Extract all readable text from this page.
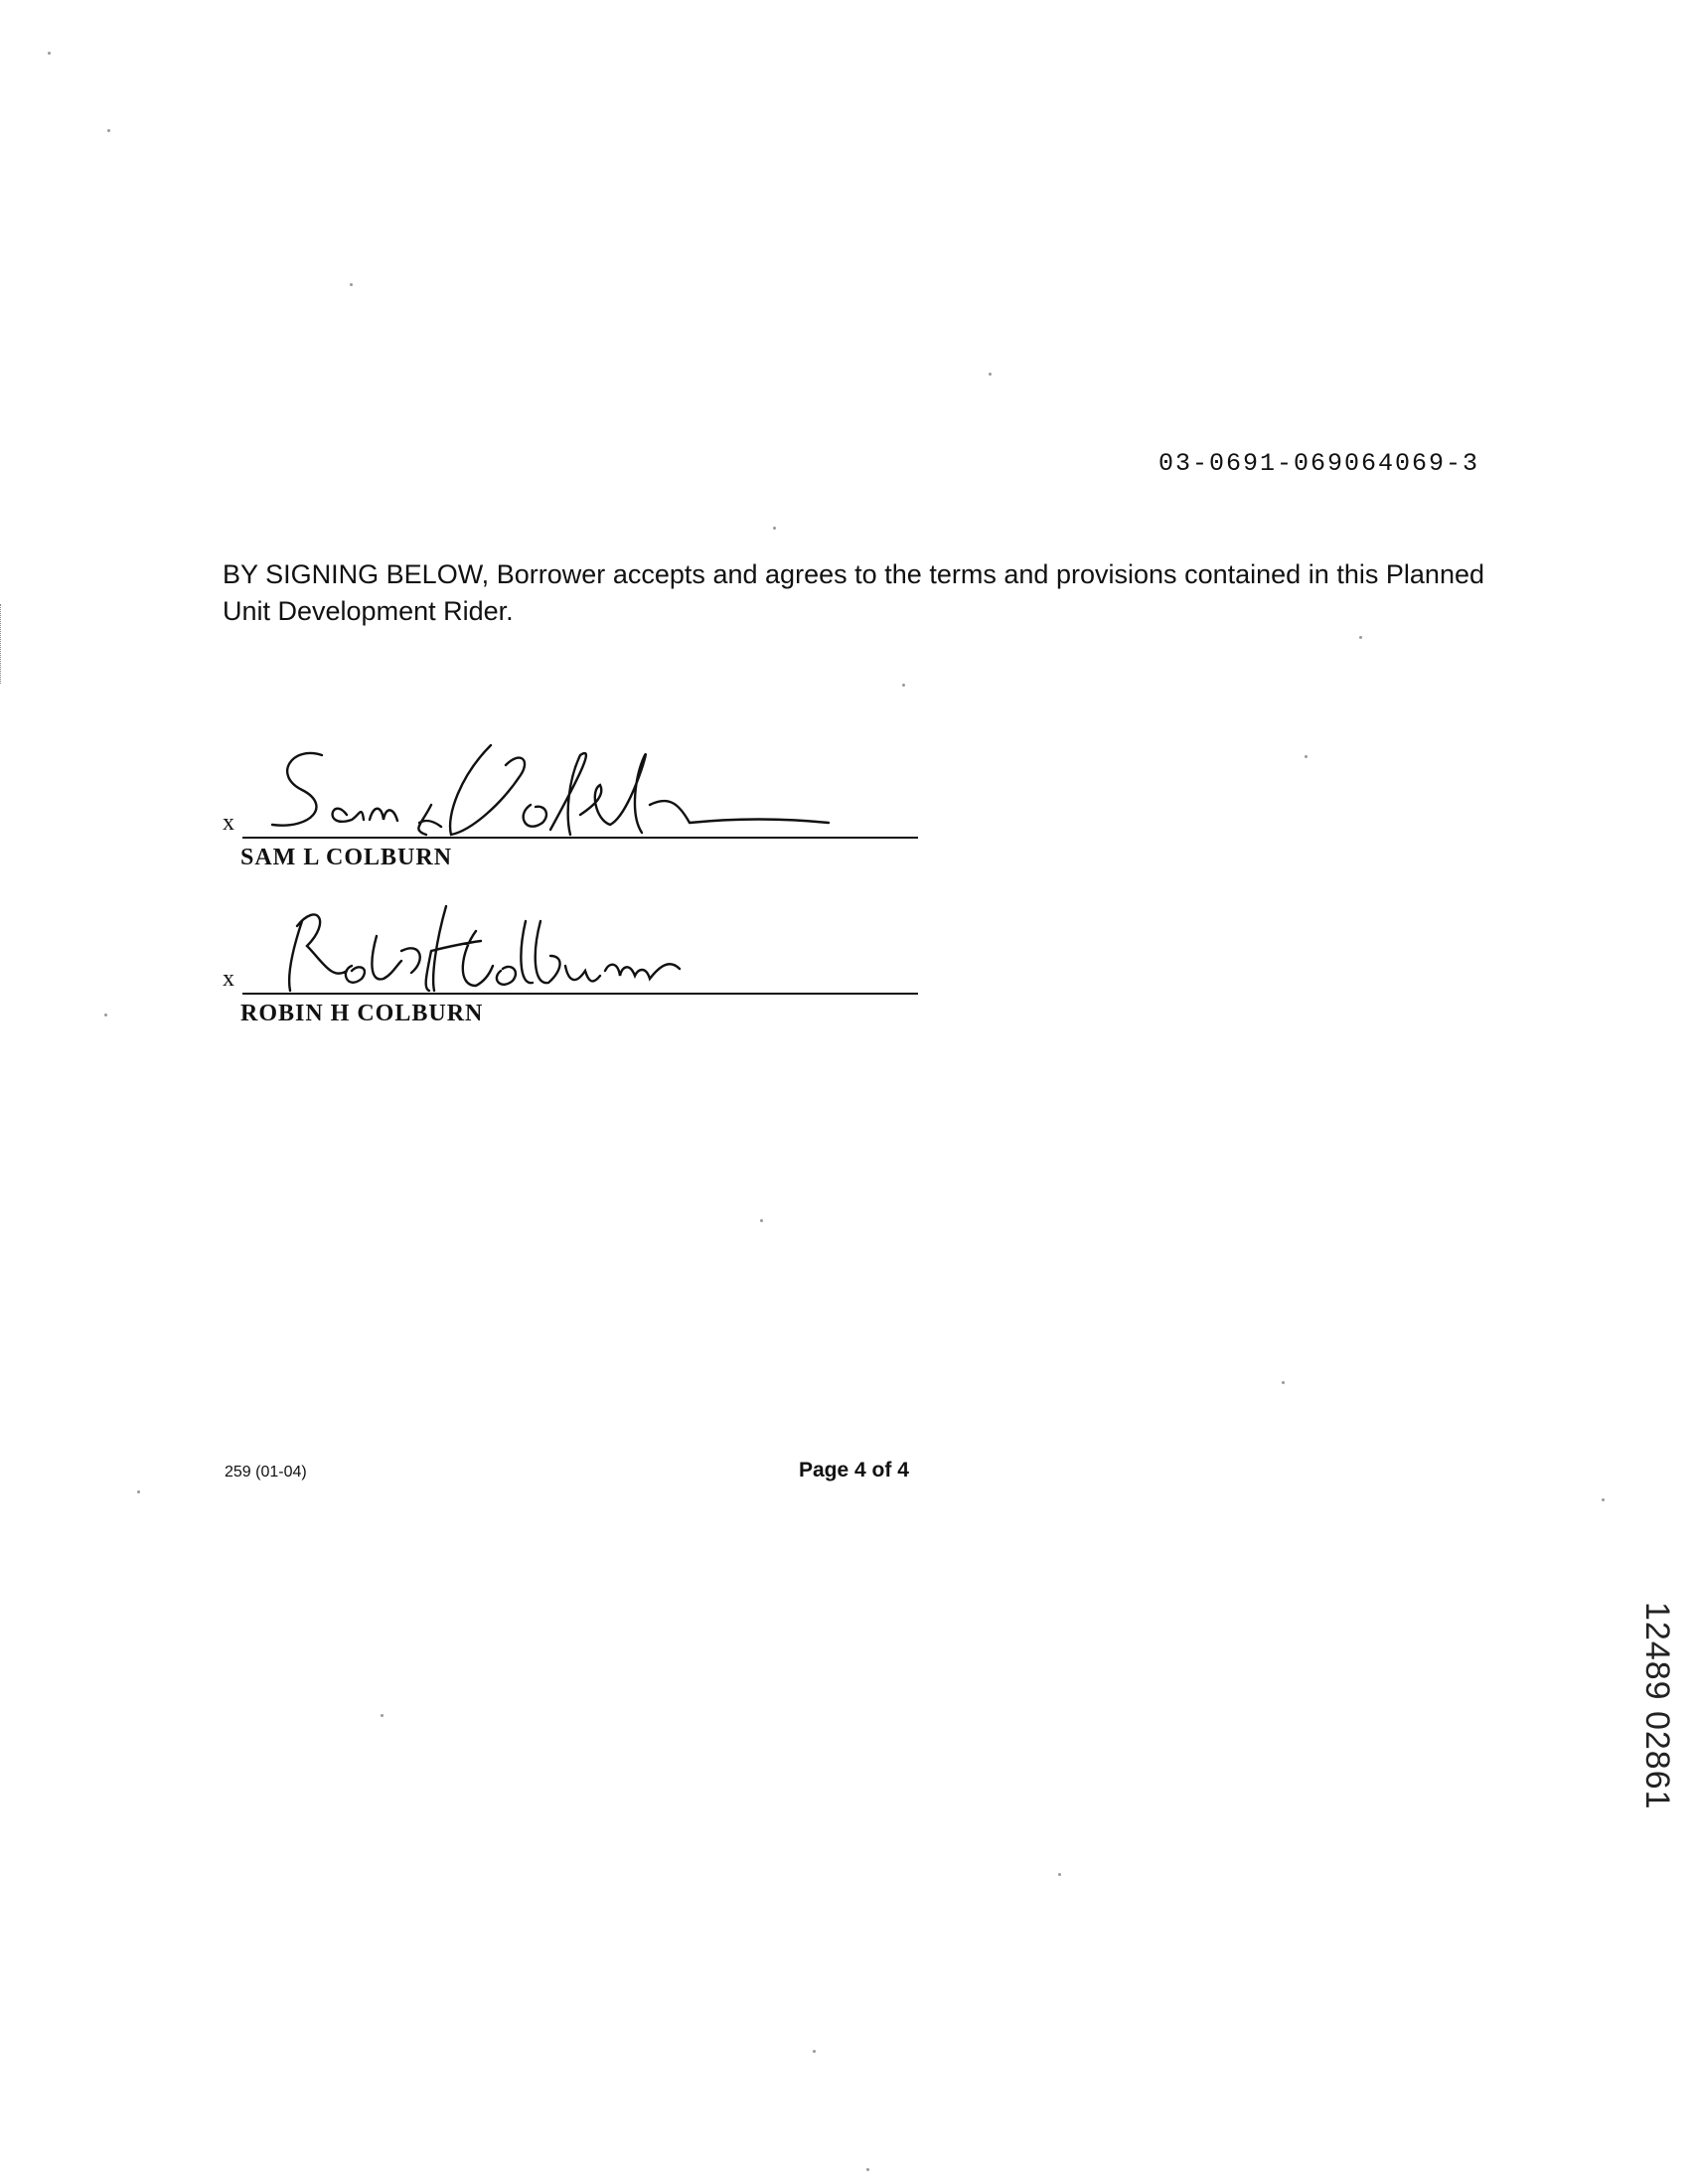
03-0691-069064069-3
BY SIGNING BELOW, Borrower accepts and agrees to the terms and provisions contained in this Planned Unit Development Rider.
x
SAM L COLBURN
x
ROBIN H COLBURN
259 (01-04)	Page 4 of 4
12489 02861
